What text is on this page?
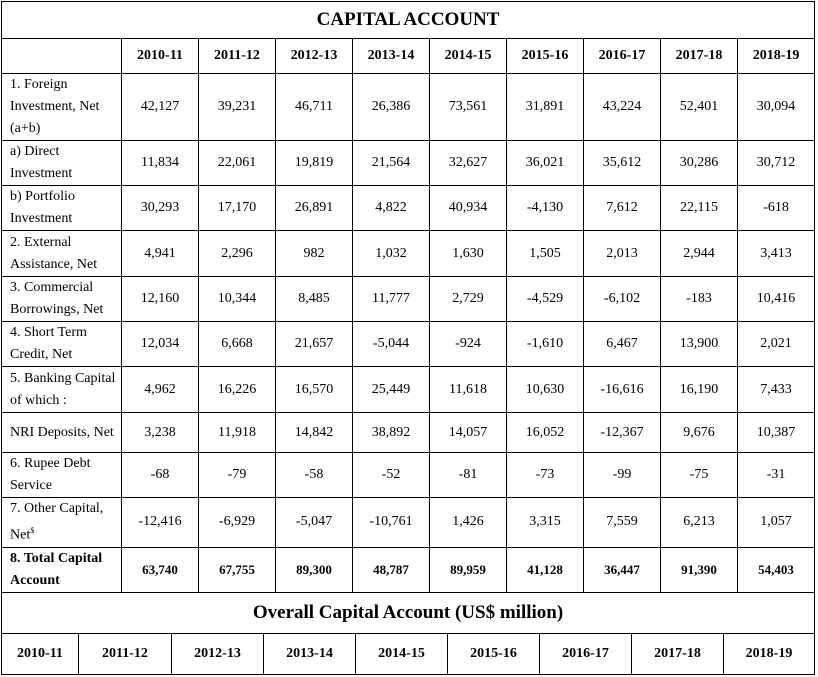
CAPITAL ACCOUNT									
	2010-11	2011-12	2012-13	2013-14	2014-15	2015-16	2016-17	2017-18	2018-19
1. Foreign
Investment, Net
(a+b)	42,127	39,231	46,711	26,386	73,561	31,891	43,224	52,401	30,094
a) Direct
Investment	11,834	22,061	19,819	21,564	32,627	36,021	35,612	30,286	30,712
b) Portfolio
Investment	30,293	17,170	26,891	4,822	40,934	-4,130	7,612	22,115	-618
2. External
Assistance, Net	4,941	2,296	982	1,032	1,630	1,505	2,013	2,944	3,413
3. Commercial
Borrowings, Net	12,160	10,344	8,485	11,777	2,729	-4,529	-6,102	-183	10,416
4. Short Term
Credit, Net	12,034	6,668	21,657	-5,044	-924	-1,610	6,467	13,900	2,021
5. Banking Capital
of which :	4,962	16,226	16,570	25,449	11,618	10,630	-16,616	16,190	7,433
NRI Deposits, Net	3,238	11,918	14,842	38,892	14,057	16,052	-12,367	9,676	10,387
6. Rupee Debt
Service	-68	-79	-58	-52	-81	-73	-99	-75	-31
7. Other Capital,
Net$	-12,416	-6,929	-5,047	-10,761	1,426	3,315	7,559	6,213	1,057
8. Total Capital
Account	63,740	67,755	89,300	48,787	89,959	41,128	36,447	91,390	54,403
Overall Capital Account (US$ million)									
2010-11	2011-12	2012-13	2013-14	2014-15	2015-16	2016-17	2017-18	2018-19
